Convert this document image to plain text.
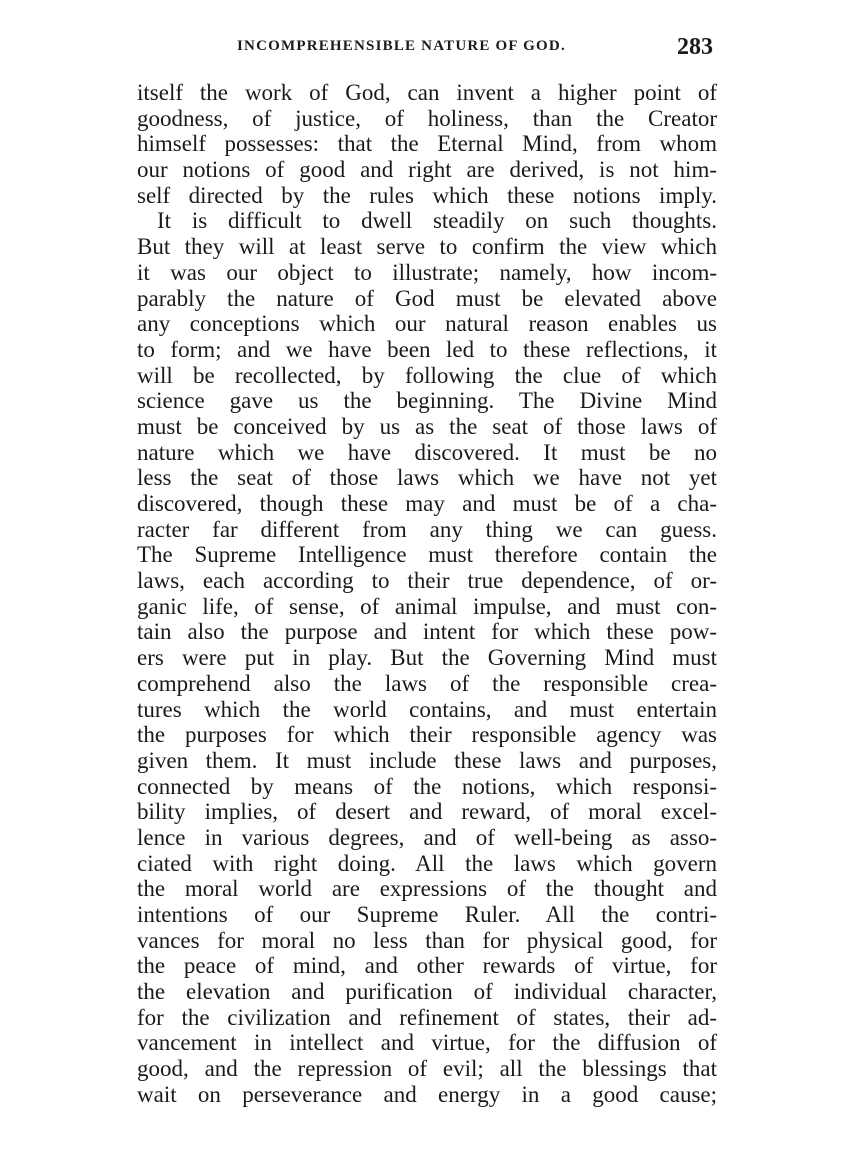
INCOMPREHENSIBLE NATURE OF GOD.	283
itself the work of God, can invent a higher point of
goodness, of justice, of holiness, than the Creator
himself possesses: that the Eternal Mind, from whom
our notions of good and right are derived, is not him-
self directed by the rules which these notions imply.
It is difficult to dwell steadily on such thoughts.
But they will at least serve to confirm the view which
it was our object to illustrate; namely, how incom-
parably the nature of God must be elevated above
any conceptions which our natural reason enables us
to form; and we have been led to these reflections, it
will be recollected, by following the clue of which
science gave us the beginning. The Divine Mind
must be conceived by us as the seat of those laws of
nature which we have discovered. It must be no
less the seat of those laws which we have not yet
discovered, though these may and must be of a cha-
racter far different from any thing we can guess.
The Supreme Intelligence must therefore contain the
laws, each according to their true dependence, of or-
ganic life, of sense, of animal impulse, and must con-
tain also the purpose and intent for which these pow-
ers were put in play. But the Governing Mind must
comprehend also the laws of the responsible crea-
tures which the world contains, and must entertain
the purposes for which their responsible agency was
given them. It must include these laws and purposes,
connected by means of the notions, which responsi-
bility implies, of desert and reward, of moral excel-
lence in various degrees, and of well-being as asso-
ciated with right doing. All the laws which govern
the moral world are expressions of the thought and
intentions of our Supreme Ruler. All the contri-
vances for moral no less than for physical good, for
the peace of mind, and other rewards of virtue, for
the elevation and purification of individual character,
for the civilization and refinement of states, their ad-
vancement in intellect and virtue, for the diffusion of
good, and the repression of evil; all the blessings that
wait on perseverance and energy in a good cause;
